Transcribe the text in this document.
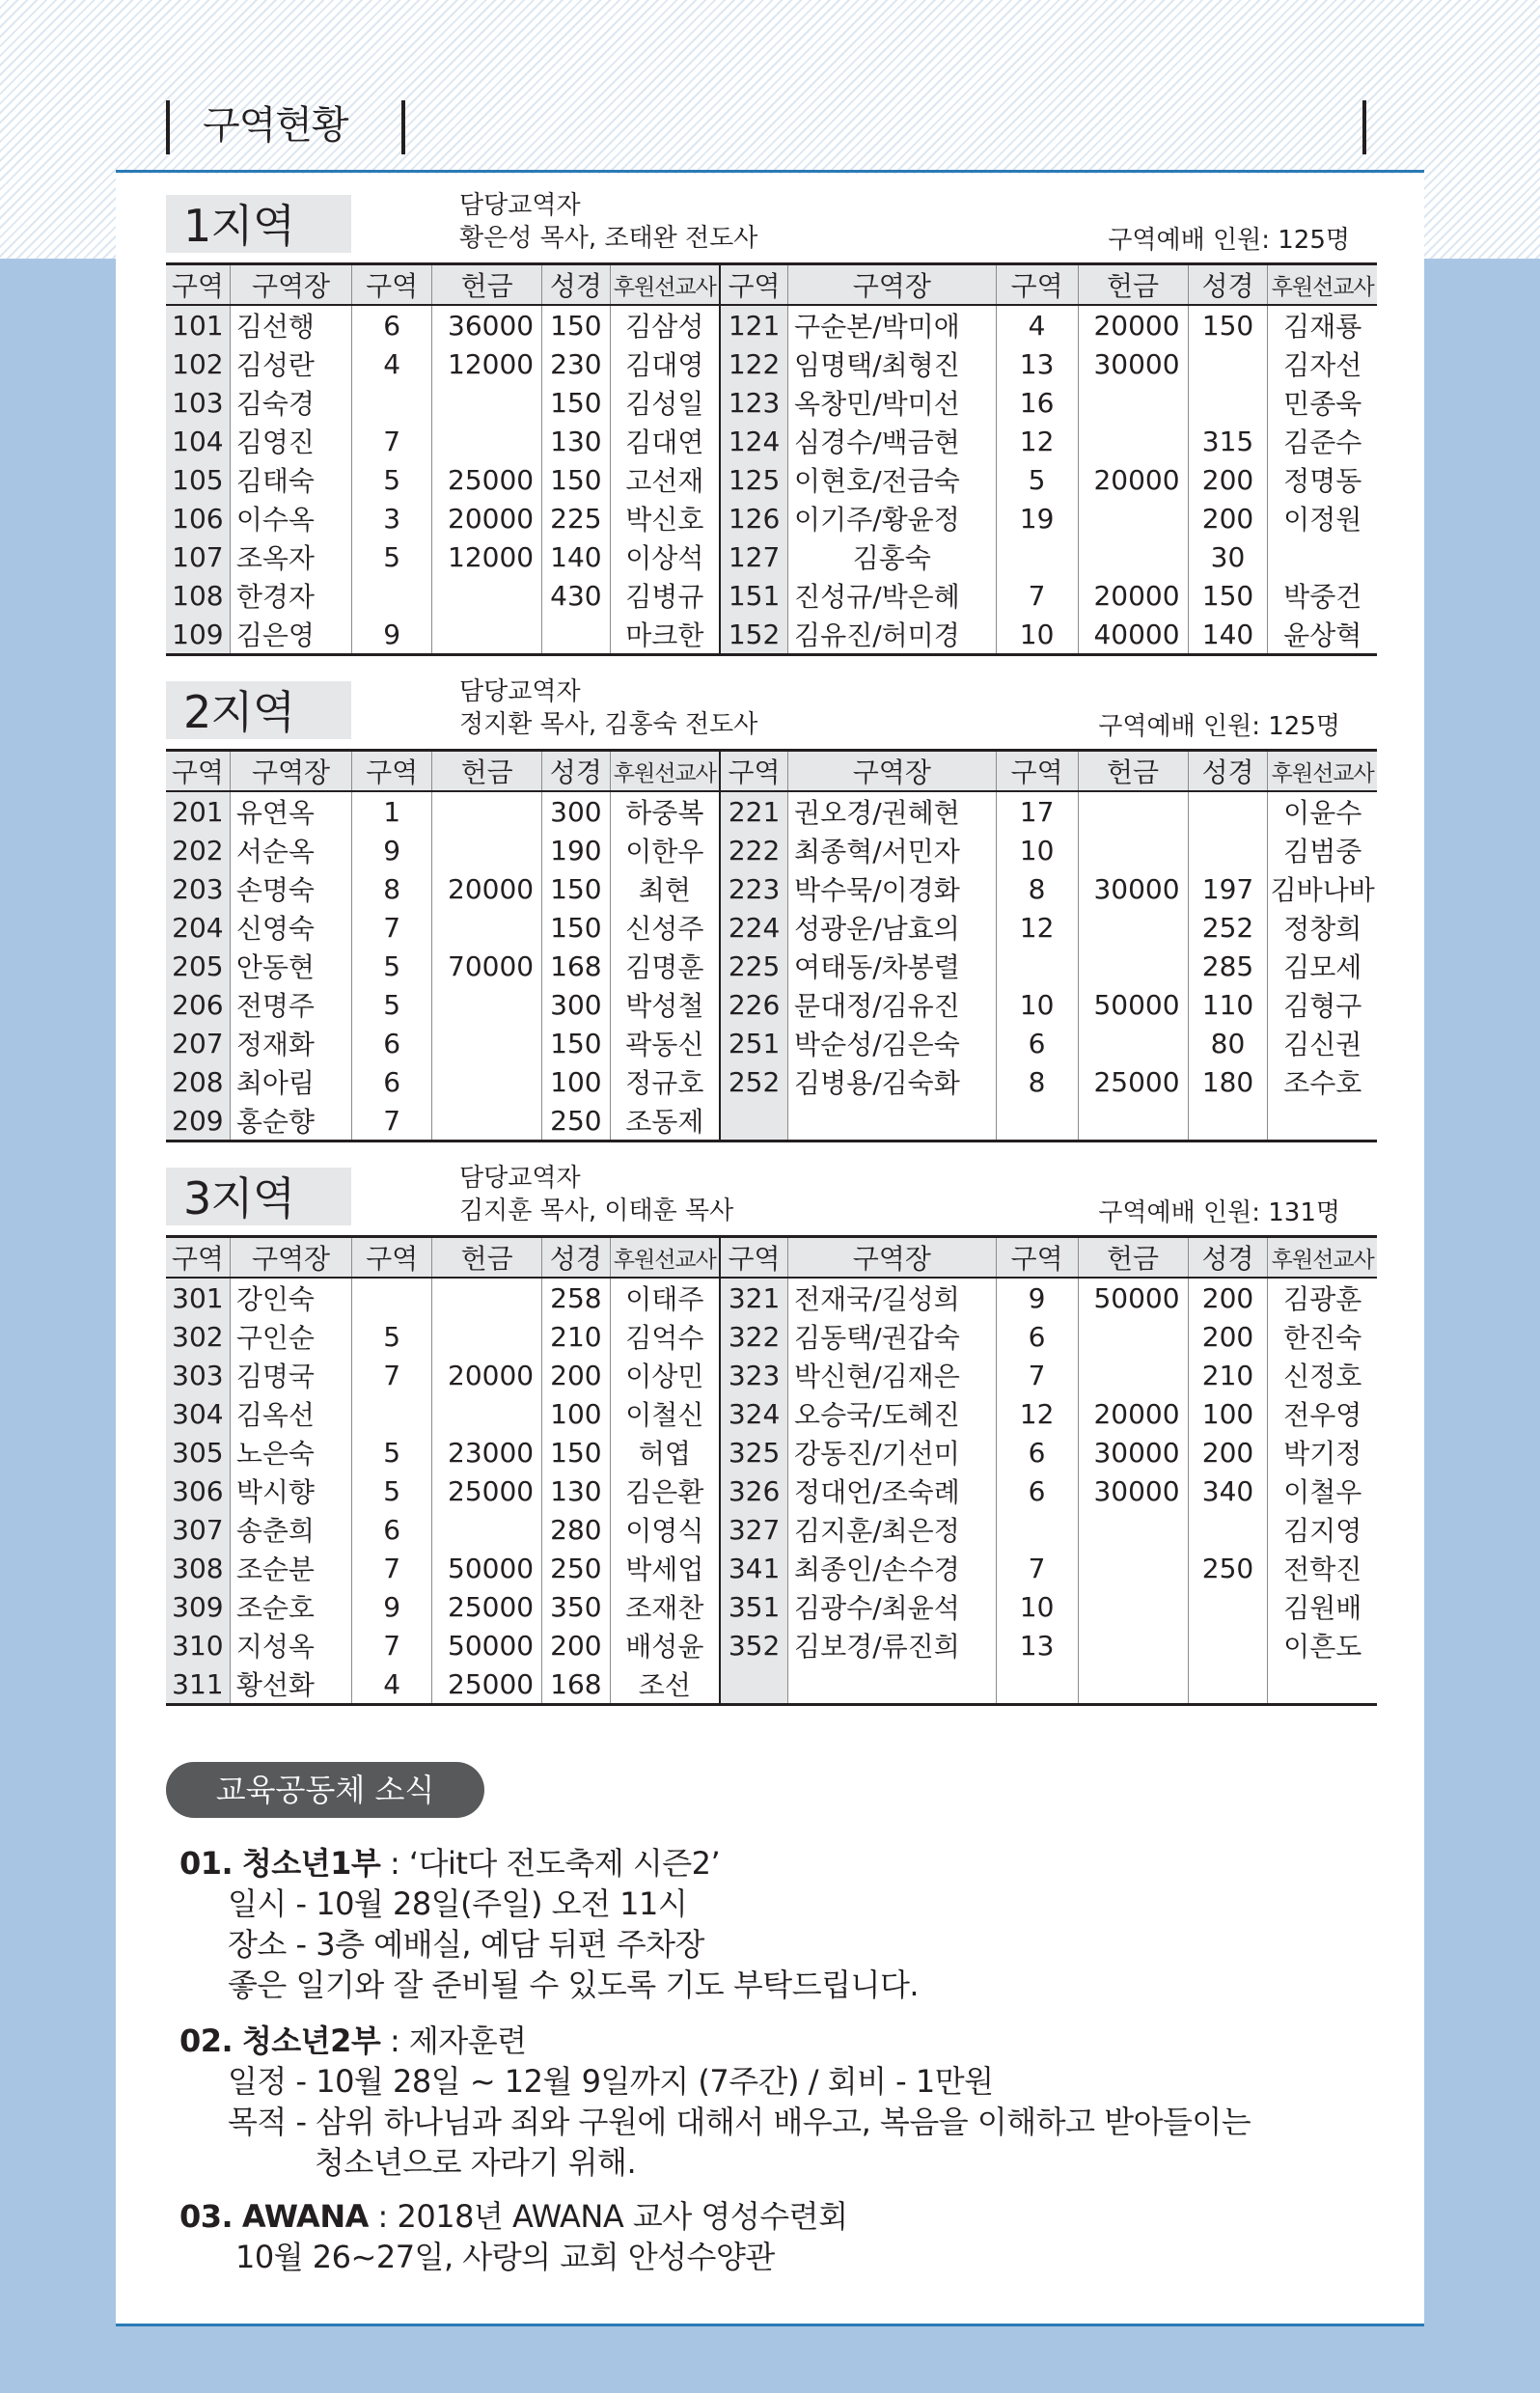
구역현황
1지역	담당교역자
황은성 목사, 조태완 전도사	구역예배 인원: 125명
구역	구역장	구역	헌금	성경	후원선교사	구역	구역장	구역	헌금	성경	후원선교사
101	김선행	6	36000	150	김삼성	121	구순본/박미애	4	20000	150	김재룡
102	김성란	4	12000	230	김대영	122	임명택/최형진	13	30000		김자선
103	김숙경			150	김성일	123	옥창민/박미선	16			민종욱
104	김영진	7		130	김대연	124	심경수/백금현	12		315	김준수
105	김태숙	5	25000	150	고선재	125	이현호/전금숙	5	20000	200	정명동
106	이수옥	3	20000	225	박신호	126	이기주/황윤정	19		200	이정원
107	조옥자	5	12000	140	이상석	127	김홍숙			30	
108	한경자			430	김병규	151	진성규/박은혜	7	20000	150	박중건
109	김은영	9			마크한	152	김유진/허미경	10	40000	140	윤상혁
2지역	담당교역자
정지환 목사, 김홍숙 전도사	구역예배 인원: 125명
구역	구역장	구역	헌금	성경	후원선교사	구역	구역장	구역	헌금	성경	후원선교사
201	유연옥	1		300	하중복	221	권오경/권혜현	17			이윤수
202	서순옥	9		190	이한우	222	최종혁/서민자	10			김범중
203	손명숙	8	20000	150	최현	223	박수묵/이경화	8	30000	197	김바나바
204	신영숙	7		150	신성주	224	성광운/남효의	12		252	정창희
205	안동현	5	70000	168	김명훈	225	여태동/차봉렬			285	김모세
206	전명주	5		300	박성철	226	문대정/김유진	10	50000	110	김형구
207	정재화	6		150	곽동신	251	박순성/김은숙	6		80	김신권
208	최아림	6		100	정규호	252	김병용/김숙화	8	25000	180	조수호
209	홍순향	7		250	조동제						
3지역	담당교역자
김지훈 목사, 이태훈 목사	구역예배 인원: 131명
구역	구역장	구역	헌금	성경	후원선교사	구역	구역장	구역	헌금	성경	후원선교사
301	강인숙			258	이태주	321	전재국/길성희	9	50000	200	김광훈
302	구인순	5		210	김억수	322	김동택/권갑숙	6		200	한진숙
303	김명국	7	20000	200	이상민	323	박신현/김재은	7		210	신정호
304	김옥선			100	이철신	324	오승국/도혜진	12	20000	100	전우영
305	노은숙	5	23000	150	허엽	325	강동진/기선미	6	30000	200	박기정
306	박시향	5	25000	130	김은환	326	정대언/조숙례	6	30000	340	이철우
307	송춘희	6		280	이영식	327	김지훈/최은정				김지영
308	조순분	7	50000	250	박세업	341	최종인/손수경	7		250	전학진
309	조순호	9	25000	350	조재찬	351	김광수/최윤석	10			김원배
310	지성옥	7	50000	200	배성윤	352	김보경/류진희	13			이흔도
311	황선화	4	25000	168	조선						
교육공동체 소식
01. 청소년1부 : ‘다it다 전도축제 시즌2’
일시 - 10월 28일(주일) 오전 11시
장소 - 3층 예배실, 예담 뒤편 주차장
좋은 일기와 잘 준비될 수 있도록 기도 부탁드립니다.
02. 청소년2부 : 제자훈련
일정 - 10월 28일 ~ 12월 9일까지 (7주간) / 회비 - 1만원
목적 - 삼위 하나님과 죄와 구원에 대해서 배우고, 복음을 이해하고 받아들이는
청소년으로 자라기 위해.
03. AWANA : 2018년 AWANA 교사 영성수련회
10월 26~27일, 사랑의 교회 안성수양관
